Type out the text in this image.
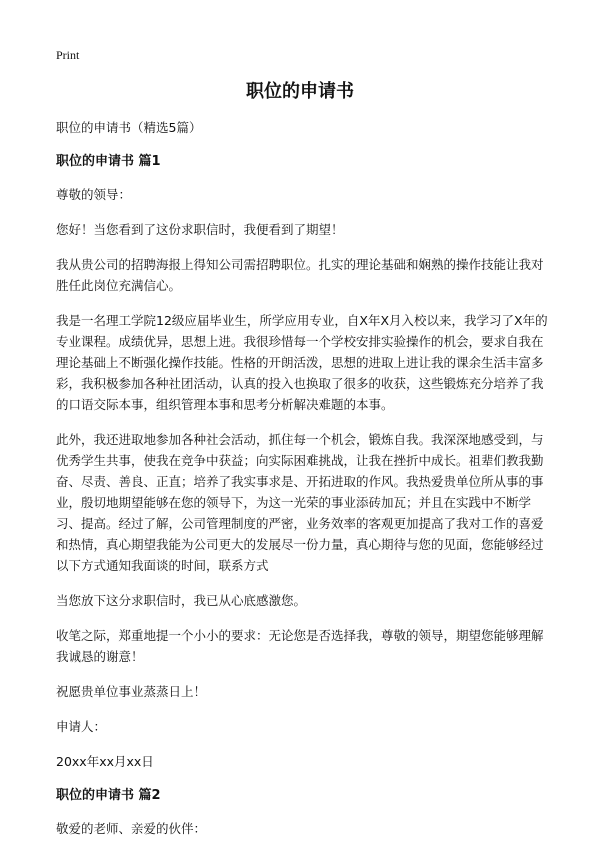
Print
职位的申请书

职位的申请书（精选5篇）

职位的申请书 篇1

尊敬的领导：

您好！当您看到了这份求职信时，我便看到了期望！

我从贵公司的招聘海报上得知公司需招聘职位。扎实的理论基础和娴熟的操作技能让我对胜任此岗位充满信心。

我是一名理工学院12级应届毕业生，所学应用专业，自X年X月入校以来，我学习了X年的专业课程。成绩优异，思想上进。我很珍惜每一个学校安排实验操作的机会，要求自我在理论基础上不断强化操作技能。性格的开朗活泼，思想的进取上进让我的课余生活丰富多彩，我积极参加各种社团活动，认真的投入也换取了很多的收获，这些锻炼充分培养了我的口语交际本事，组织管理本事和思考分析解决难题的本事。

此外，我还进取地参加各种社会活动，抓住每一个机会，锻炼自我。我深深地感受到，与优秀学生共事，使我在竞争中获益；向实际困难挑战，让我在挫折中成长。祖辈们教我勤奋、尽责、善良、正直；培养了我实事求是、开拓进取的作风。我热爱贵单位所从事的事业，殷切地期望能够在您的领导下，为这一光荣的事业添砖加瓦；并且在实践中不断学习、提高。经过了解，公司管理制度的严密，业务效率的客观更加提高了我对工作的喜爱和热情，真心期望我能为公司更大的发展尽一份力量，真心期待与您的见面，您能够经过以下方式通知我面谈的时间，联系方式

当您放下这分求职信时，我已从心底感激您。

收笔之际，郑重地提一个小小的要求：无论您是否选择我，尊敬的领导，期望您能够理解我诚恳的谢意！

祝愿贵单位事业蒸蒸日上！

申请人：

20xx年xx月xx日

职位的申请书 篇2

敬爱的老师、亲爱的伙伴：
